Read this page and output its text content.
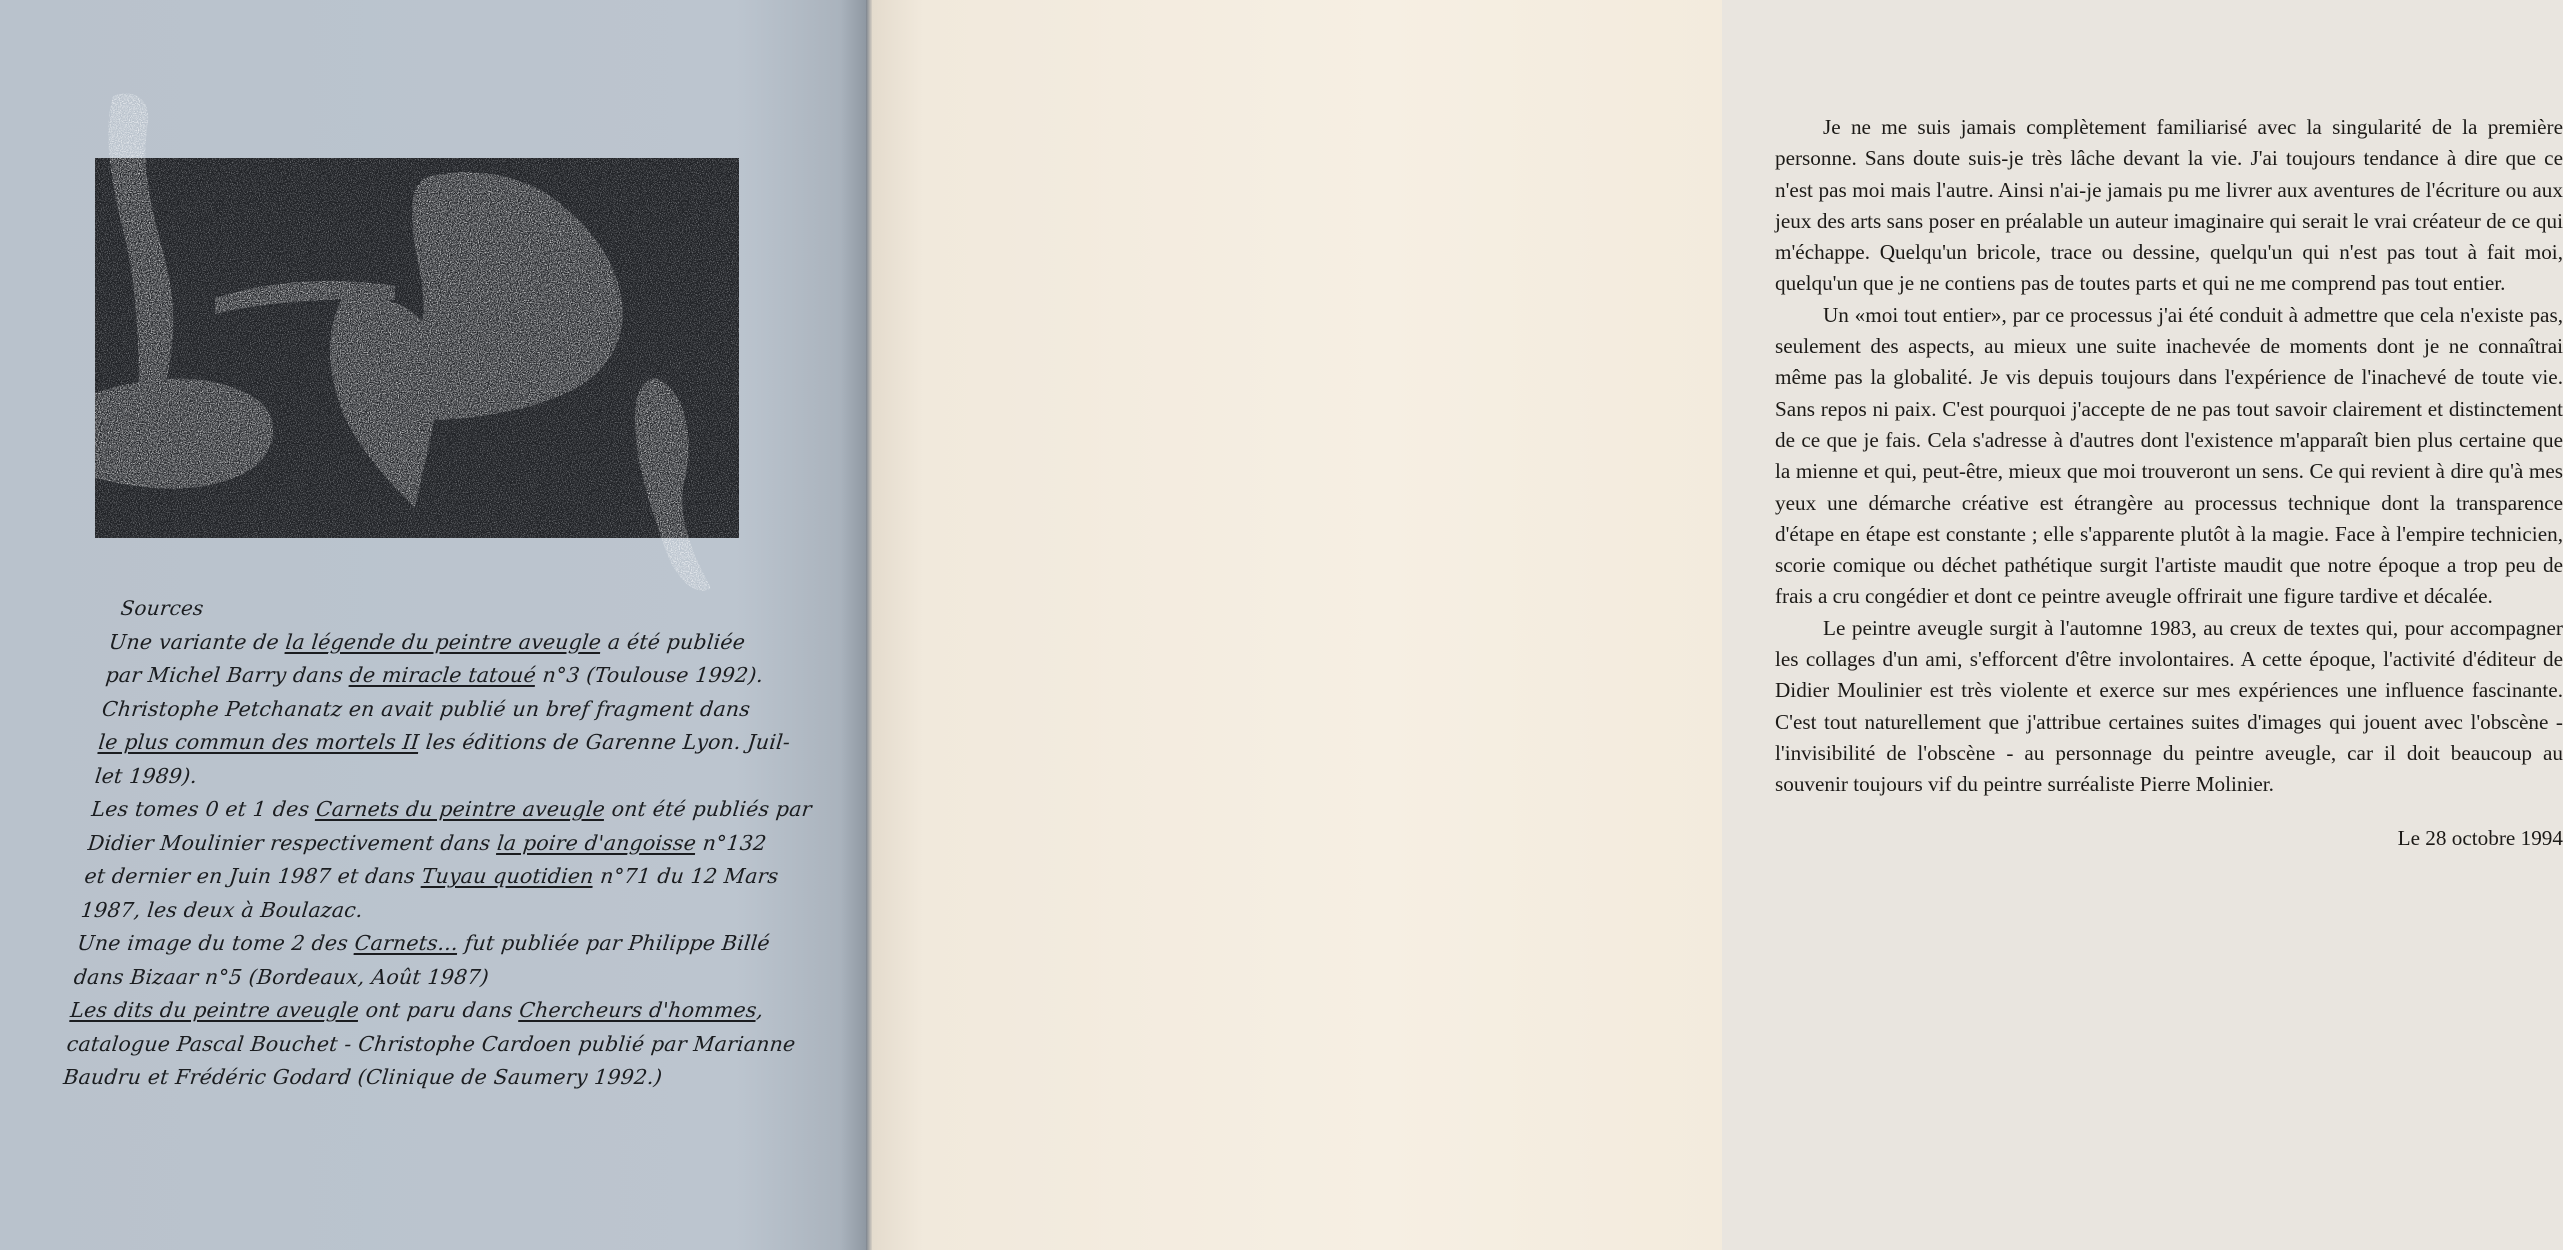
Sources
Une variante de la légende du peintre aveugle a été publiée
par Michel Barry dans de miracle tatoué n°3 (Toulouse 1992).
Christophe Petchanatz en avait publié un bref fragment dans
le plus commun des mortels II les éditions de Garenne Lyon. Juil-
let 1989).
Les tomes 0 et 1 des Carnets du peintre aveugle ont été publiés par
Didier Moulinier respectivement dans la poire d'angoisse n°132
et dernier en Juin 1987 et dans Tuyau quotidien n°71 du 12 Mars
1987, les deux à Boulazac.
Une image du tome 2 des Carnets... fut publiée par Philippe Billé
dans Bizaar n°5 (Bordeaux, Août 1987)
Les dits du peintre aveugle ont paru dans Chercheurs d'hommes,
catalogue Pascal Bouchet - Christophe Cardoen publié par Marianne
Baudru et Frédéric Godard (Clinique de Saumery 1992.)

Je ne me suis jamais complètement familiarisé avec la singularité de la première personne. Sans doute suis-je très lâche devant la vie. J'ai toujours tendance à dire que ce n'est pas moi mais l'autre. Ainsi n'ai-je jamais pu me livrer aux aventures de l'écriture ou aux jeux des arts sans poser en préalable un auteur imaginaire qui serait le vrai créateur de ce qui m'échappe. Quelqu'un bricole, trace ou dessine, quelqu'un qui n'est pas tout à fait moi, quelqu'un que je ne contiens pas de toutes parts et qui ne me comprend pas tout entier.

Un «moi tout entier», par ce processus j'ai été conduit à admettre que cela n'existe pas, seulement des aspects, au mieux une suite inachevée de moments dont je ne connaîtrai même pas la globalité. Je vis depuis toujours dans l'expérience de l'inachevé de toute vie. Sans repos ni paix. C'est pourquoi j'accepte de ne pas tout savoir clairement et distinctement de ce que je fais. Cela s'adresse à d'autres dont l'existence m'apparaît bien plus certaine que la mienne et qui, peut-être, mieux que moi trouveront un sens. Ce qui revient à dire qu'à mes yeux une démarche créative est étrangère au processus technique dont la transparence d'étape en étape est constante ; elle s'apparente plutôt à la magie. Face à l'empire technicien, scorie comique ou déchet pathétique surgit l'artiste maudit que notre époque a trop peu de frais a cru congédier et dont ce peintre aveugle offrirait une figure tardive et décalée.

Le peintre aveugle surgit à l'automne 1983, au creux de textes qui, pour accompagner les collages d'un ami, s'efforcent d'être involontaires. A cette époque, l'activité d'éditeur de Didier Moulinier est très violente et exerce sur mes expériences une influence fascinante. C'est tout naturellement que j'attribue certaines suites d'images qui jouent avec l'obscène - l'invisibilité de l'obscène - au personnage du peintre aveugle, car il doit beaucoup au souvenir toujours vif du peintre surréaliste Pierre Molinier.

Le 28 octobre 1994
